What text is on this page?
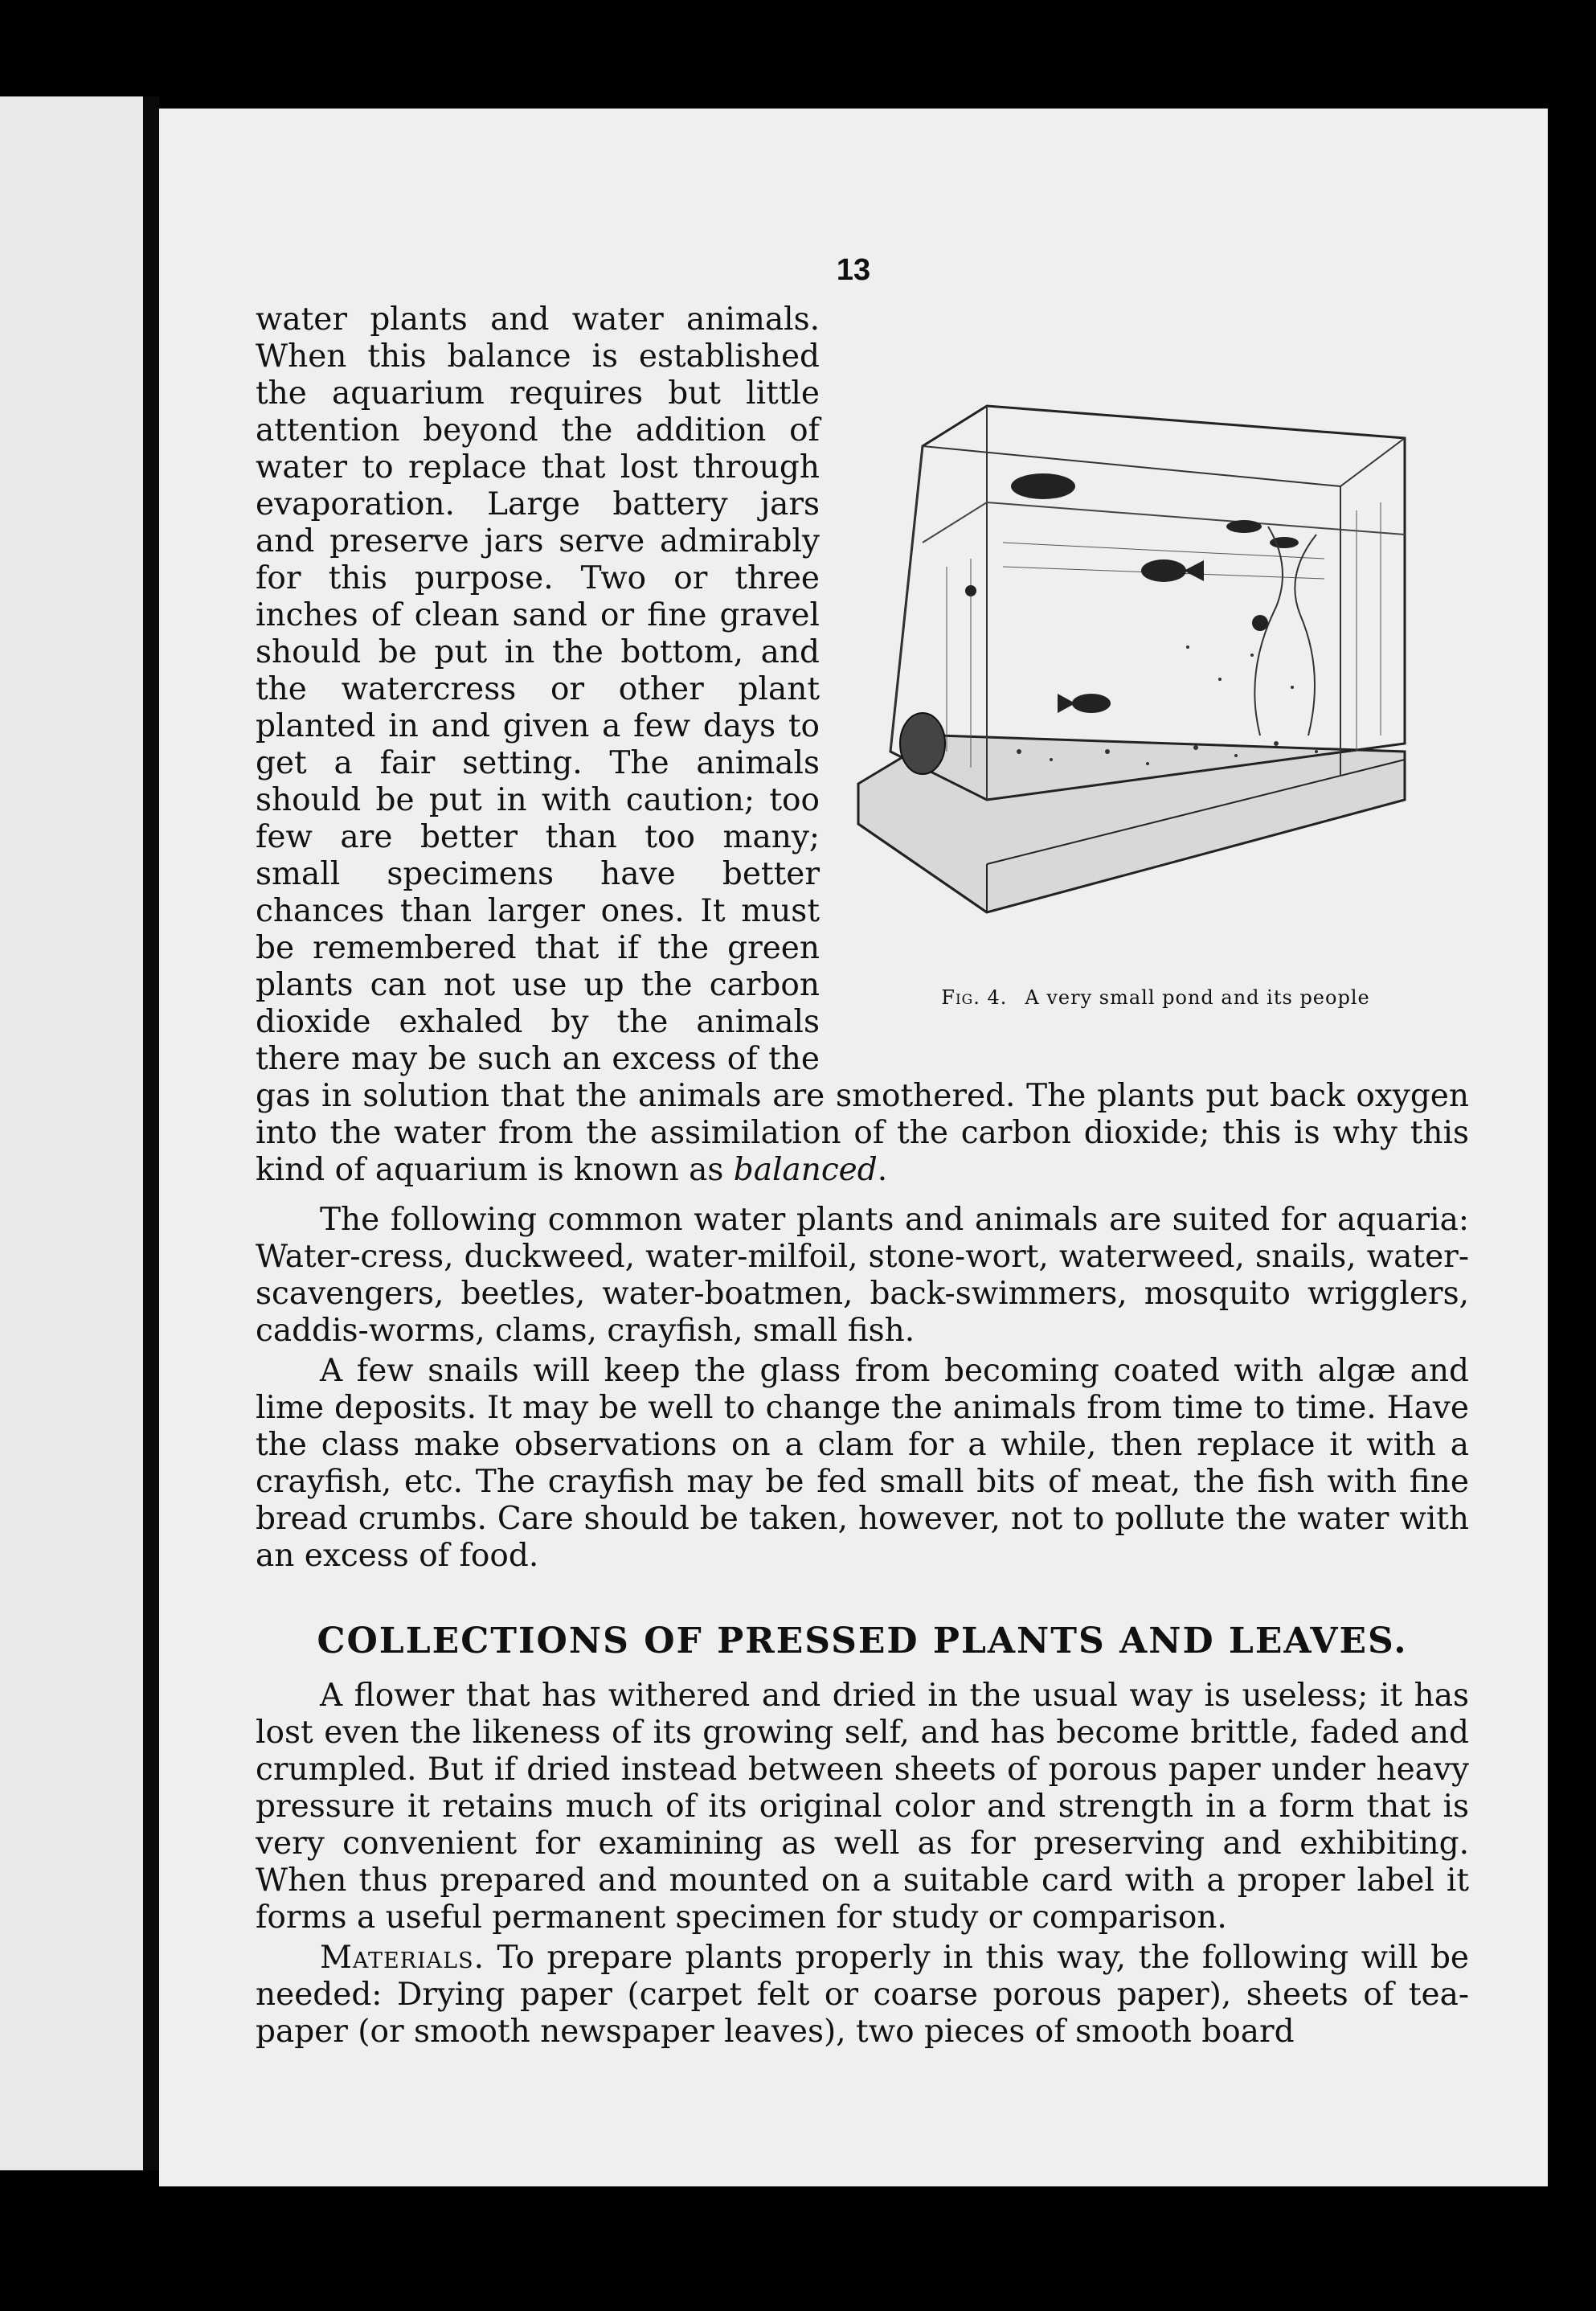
13
Fig. 4. A very small pond and its people

water plants and water animals. When this balance is established the aquarium requires but little attention beyond the addition of water to replace that lost through evaporation. Large battery jars and preserve jars serve admirably for this purpose. Two or three inches of clean sand or fine gravel should be put in the bottom, and the watercress or other plant planted in and given a few days to get a fair setting. The animals should be put in with caution; too few are better than too many; small specimens have better chances than larger ones. It must be remembered that if the green plants can not use up the carbon dioxide exhaled by the animals there may be such an excess of the gas in solution that the animals are smothered. The plants put back oxygen into the water from the assimilation of the carbon dioxide; this is why this kind of aquarium is known as balanced.

The following common water plants and animals are suited for aquaria: Water-cress, duckweed, water-milfoil, stone-wort, waterweed, snails, water-scavengers, beetles, water-boatmen, back-swimmers, mosquito wrigglers, caddis-worms, clams, crayfish, small fish.

A few snails will keep the glass from becoming coated with algæ and lime deposits. It may be well to change the animals from time to time. Have the class make observations on a clam for a while, then replace it with a crayfish, etc. The crayfish may be fed small bits of meat, the fish with fine bread crumbs. Care should be taken, however, not to pollute the water with an excess of food.

COLLECTIONS OF PRESSED PLANTS AND LEAVES.

A flower that has withered and dried in the usual way is useless; it has lost even the likeness of its growing self, and has become brittle, faded and crumpled. But if dried instead between sheets of porous paper under heavy pressure it retains much of its original color and strength in a form that is very convenient for examining as well as for preserving and exhibiting. When thus prepared and mounted on a suitable card with a proper label it forms a useful permanent specimen for study or comparison.

Materials. To prepare plants properly in this way, the following will be needed: Drying paper (carpet felt or coarse porous paper), sheets of tea-paper (or smooth newspaper leaves), two pieces of smooth board
